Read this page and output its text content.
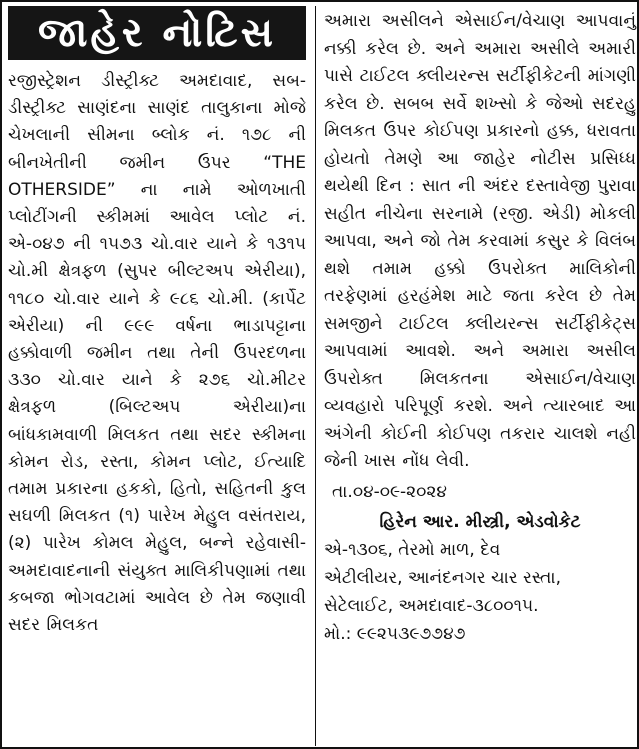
જાહેર નોટિસ

રજીસ્ટ્રેશન ડીસ્ટ્રીક્ટ અમદાવાદ, સબ-ડીસ્ટ્રીક્ટ સાણંદના સાણંદ તાલુકાના મોજે ચેખલાની સીમના બ્લોક નં. ૧૭૮ ની બીનખેતીની જમીન ઉપર “THE OTHERSIDE” ના નામે ઓળખાતી પ્લોટીંગની સ્કીમમાં આવેલ પ્લોટ નં. એ-૦૪૭ ની ૧૫૭૩ ચો.વાર યાને કે ૧૩૧૫ ચો.મી ક્ષેત્રફળ (સુપર બીલ્ટઅપ એરીયા), ૧૧૮૦ ચો.વાર યાને કે ૯૮૬ ચો.મી. (કાર્પેટ એરીયા) ની ૯૯૯ વર્ષના ભાડાપટ્ટાના હક્કોવાળી જમીન તથા તેની ઉપરદળના ૩૩૦ ચો.વાર યાને કે ૨૭૬ ચો.મીટર ક્ષેત્રફળ (બિલ્ટઅપ એરીયા)ના બાંધકામવાળી મિલકત તથા સદર સ્કીમના કોમન રોડ, રસ્તા, કોમન પ્લોટ, ઈત્યાદિ તમામ પ્રકારના હકકો, હિતો, સહિતની કુલ સઘળી મિલકત (૧) પારેખ મેહુલ વસંતરાય, (૨) પારેખ કોમલ મેહુલ, બન્ને રહેવાસી-અમદાવાદનાની સંયુક્ત માલિકીપણામાં તથા કબજા ભોગવટામાં આવેલ છે તેમ જણાવી સદર મિલકત

અમારા અસીલને એસાઈન/વેચાણ આપવાનું નક્કી કરેલ છે. અને અમારા અસીલે અમારી પાસે ટાઈટલ ક્લીયરન્સ સર્ટીફીકેટની માંગણી કરેલ છે. સબબ સર્વે શખ્સો કે જેઓ સદરહુ મિલકત ઉપર કોઈપણ પ્રકારનો હક્ક, ધરાવતા હોયતો તેમણે આ જાહેર નોટીસ પ્રસિધ્ધ થયેથી દિન : સાત ની અંદર દસ્તાવેજી પુરાવા સહીત નીચેના સરનામે (રજી. એડી) મોકલી આપવા, અને જો તેમ કરવામાં કસુર કે વિલંબ થશે તમામ હક્કો ઉપરોક્ત માલિકોની તરફેણમાં હરહંમેશ માટે જતા કરેલ છે તેમ સમજીને ટાઈટલ ક્લીયરન્સ સર્ટીફીકેટ્સ આપવામાં આવશે. અને અમારા અસીલ ઉપરોક્ત મિલકતના એસાઈન/વેચાણ વ્યવહારો પરિપૂર્ણ કરશે. અને ત્યારબાદ આ અંગેની કોઈની કોઈપણ તકરાર ચાલશે નહી જેની ખાસ નોંધ લેવી.

તા.૦૪-૦૯-૨૦૨૪
હિરેન આર. મીસ્ત્રી, એડવોકેટ
એ-૧૩૦૬, તેરમો માળ, દેવ
એટીલીયર, આનંદનગર ચાર રસ્તા,
સેટેલાઈટ, અમદાવાદ-૩૮૦૦૧૫.
મો.: ૯૯૨૫૩૯૭૭૪૭
